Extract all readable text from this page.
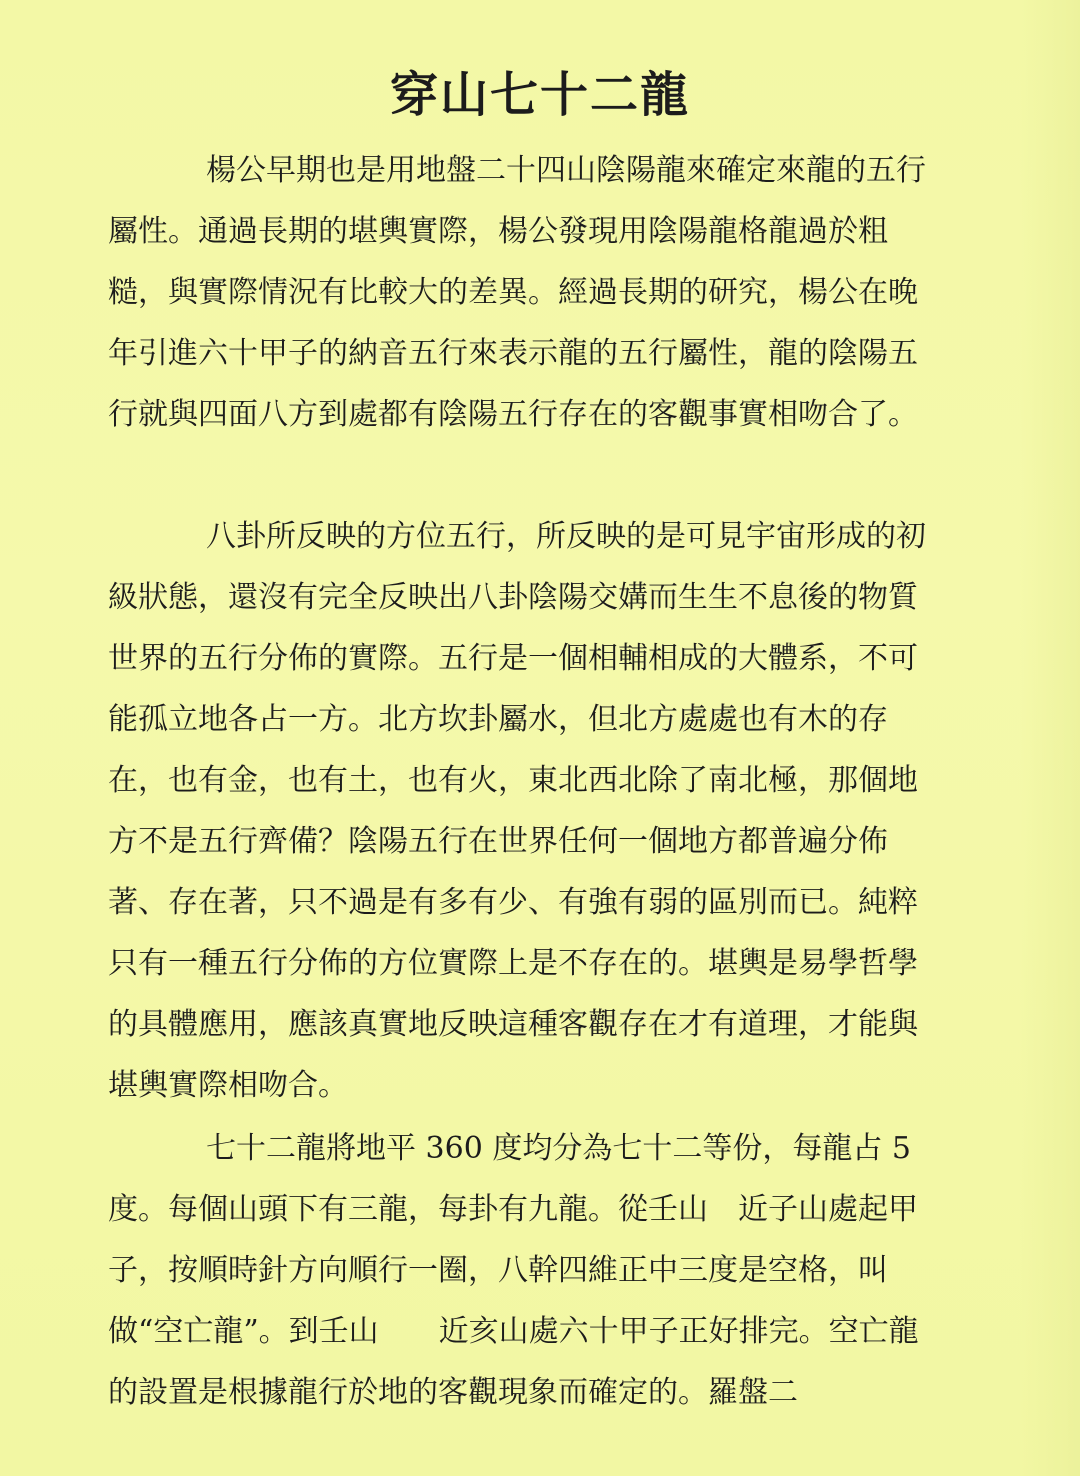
穿山七十二龍

楊公早期也是用地盤二十四山陰陽龍來確定來龍的五行屬性。通過長期的堪輿實際，楊公發現用陰陽龍格龍過於粗糙，與實際情況有比較大的差異。經過長期的研究，楊公在晚年引進六十甲子的納音五行來表示龍的五行屬性，龍的陰陽五行就與四面八方到處都有陰陽五行存在的客觀事實相吻合了。

八卦所反映的方位五行，所反映的是可見宇宙形成的初級狀態，還沒有完全反映出八卦陰陽交媾而生生不息後的物質世界的五行分佈的實際。五行是一個相輔相成的大體系，不可能孤立地各占一方。北方坎卦屬水，但北方處處也有木的存在，也有金，也有土，也有火，東北西北除了南北極，那個地方不是五行齊備？陰陽五行在世界任何一個地方都普遍分佈著、存在著，只不過是有多有少、有強有弱的區別而已。純粹只有一種五行分佈的方位實際上是不存在的。堪輿是易學哲學的具體應用，應該真實地反映這種客觀存在才有道理，才能與堪輿實際相吻合。

七十二龍將地平 360 度均分為七十二等份，每龍占 5 度。每個山頭下有三龍，每卦有九龍。從壬山　近子山處起甲子，按順時針方向順行一圈，八幹四維正中三度是空格，叫做“空亡龍”。到壬山　　近亥山處六十甲子正好排完。空亡龍的設置是根據龍行於地的客觀現象而確定的。羅盤二
